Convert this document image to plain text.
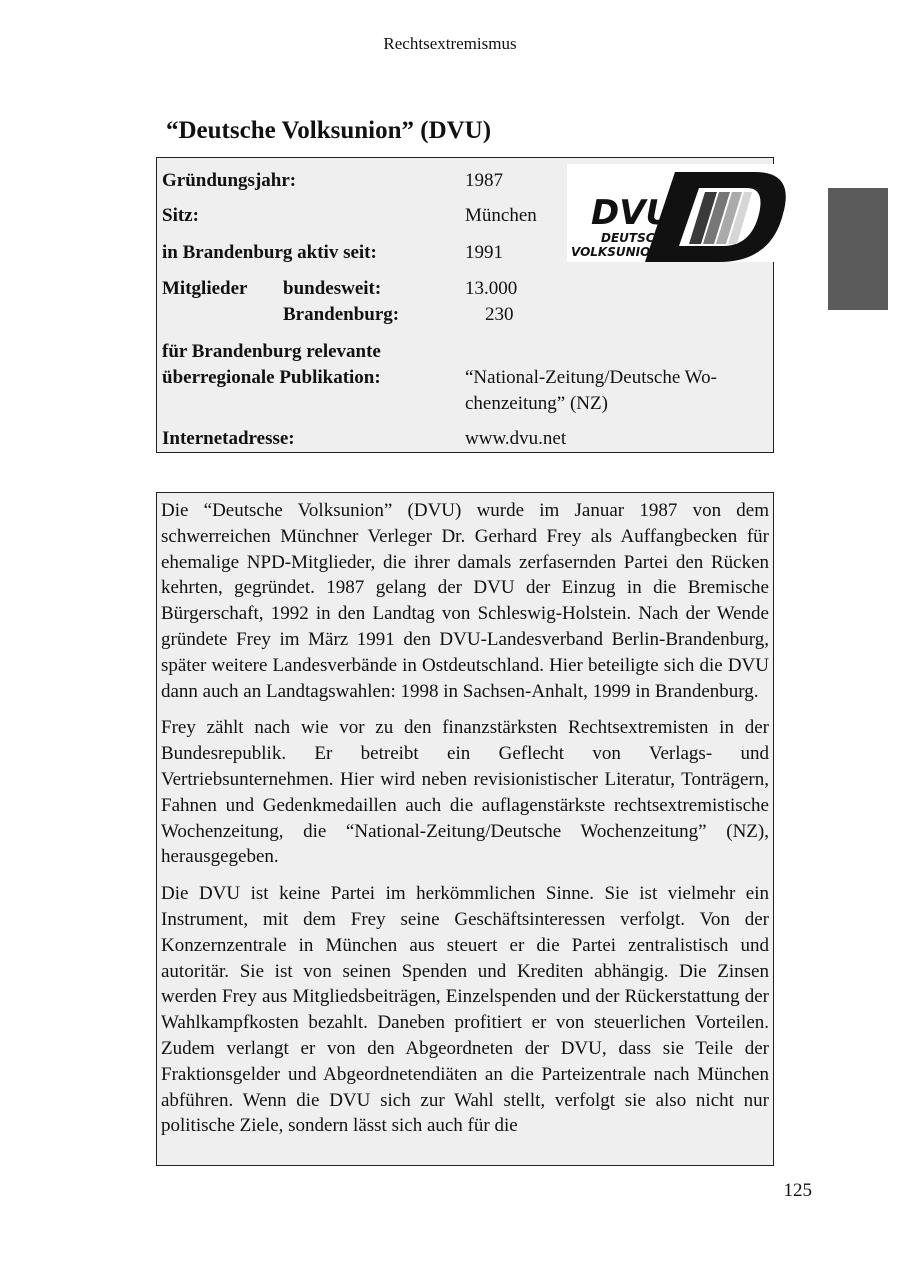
Rechtsextremismus
“Deutsche Volksunion” (DVU)
Gründungsjahr:	1987
Sitz:	München
in Brandenburg aktiv seit:	1991
Mitglieder bundesweit:	13.000
Brandenburg:	230
für Brandenburg relevante
überregionale Publikation:	“National-Zeitung/Deutsche Wo-
chenzeitung” (NZ)
Internetadresse:	www.dvu.net
DVU
DEUTSCHE
VOLKSUNION

Die “Deutsche Volksunion” (DVU) wurde im Januar 1987 von dem schwerreichen Münchner Verleger Dr. Gerhard Frey als Auffangbecken für ehemalige NPD-Mitglieder, die ihrer damals zerfasernden Partei den Rücken kehrten, gegründet. 1987 gelang der DVU der Einzug in die Bremische Bürgerschaft, 1992 in den Landtag von Schleswig-Holstein. Nach der Wende gründete Frey im März 1991 den DVU-Landesverband Berlin-Brandenburg, später weitere Landesverbände in Ostdeutschland. Hier beteiligte sich die DVU dann auch an Landtagswahlen: 1998 in Sachsen-Anhalt, 1999 in Brandenburg.

Frey zählt nach wie vor zu den finanzstärksten Rechtsextremisten in der Bundesrepublik. Er betreibt ein Geflecht von Verlags- und Vertriebsunternehmen. Hier wird neben revisionistischer Literatur, Tonträgern, Fahnen und Gedenkmedaillen auch die auflagenstärkste rechtsextremistische Wochenzeitung, die “National-Zeitung/Deutsche Wochenzeitung” (NZ), herausgegeben.

Die DVU ist keine Partei im herkömmlichen Sinne. Sie ist vielmehr ein Instrument, mit dem Frey seine Geschäftsinteressen verfolgt. Von der Konzernzentrale in München aus steuert er die Partei zentralistisch und autoritär. Sie ist von seinen Spenden und Krediten abhängig. Die Zinsen werden Frey aus Mitgliedsbeiträgen, Einzelspenden und der Rückerstattung der Wahlkampfkosten bezahlt. Daneben profitiert er von steuerlichen Vorteilen. Zudem verlangt er von den Abgeordneten der DVU, dass sie Teile der Fraktionsgelder und Abgeordnetendiäten an die Parteizentrale nach München abführen. Wenn die DVU sich zur Wahl stellt, verfolgt sie also nicht nur politische Ziele, sondern lässt sich auch für die

125
